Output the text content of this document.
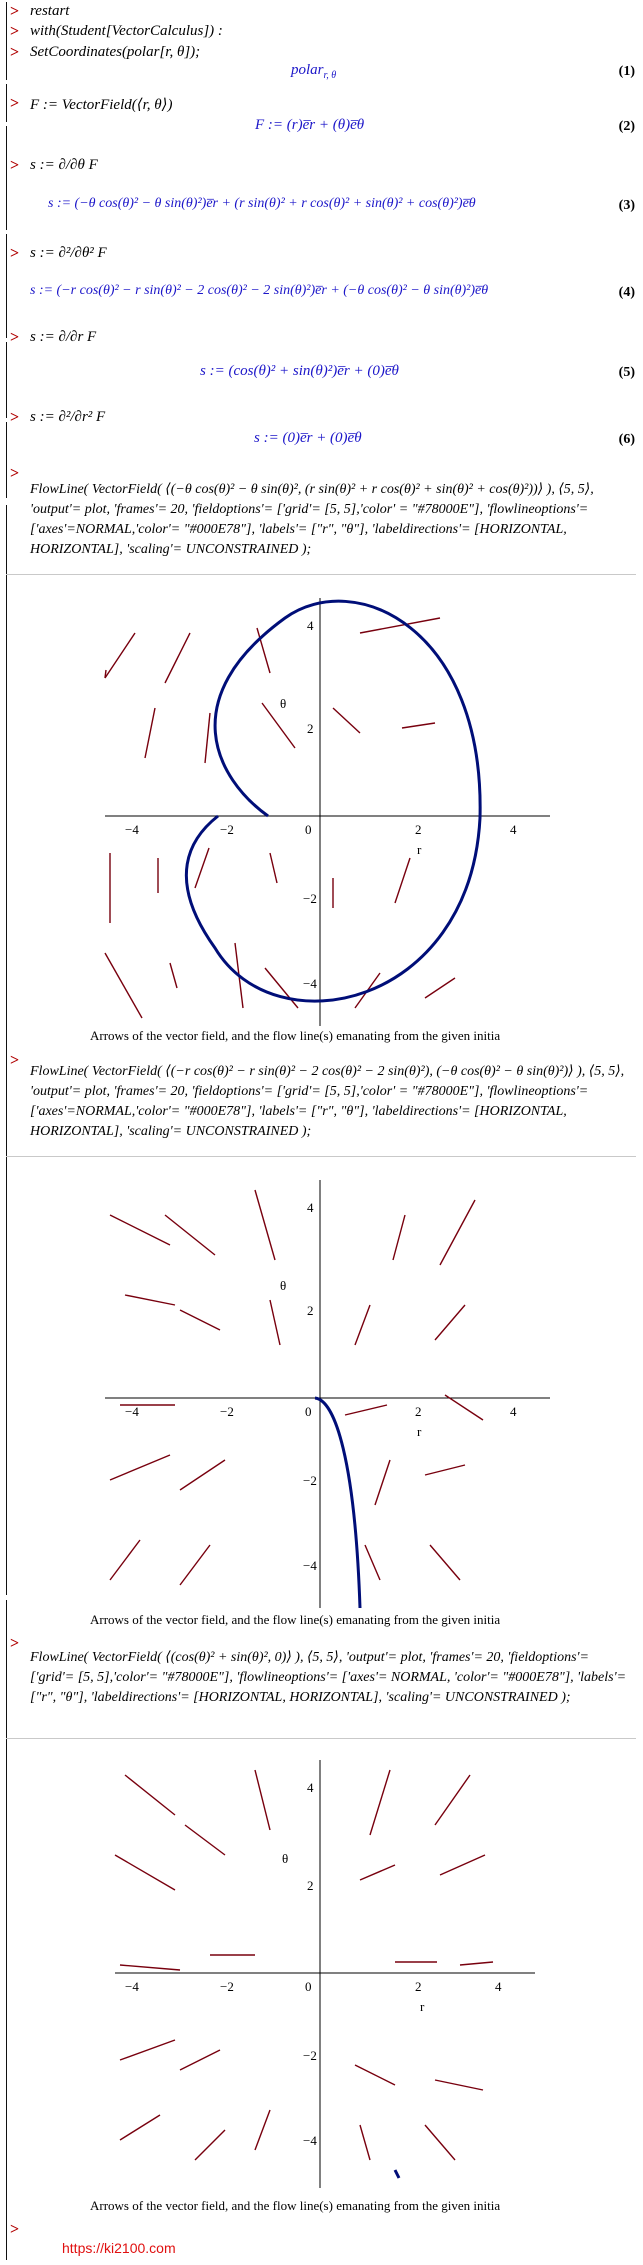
> restart
> with(Student[VectorCalculus]) :
> SetCoordinates(polar[r, θ]);
polar$_{r, \theta}$	(1)
> F := VectorField(⟨r, θ⟩)
F := (r)e̅r + (θ)e̅θ	(2)
> s := ∂/∂θ F
s := (−θ cos(θ)² − θ sin(θ)²)e̅r + (r sin(θ)² + r cos(θ)² + sin(θ)² + cos(θ)²)e̅θ	(3)
> s := ∂²/∂θ² F
s := (−r cos(θ)² − r sin(θ)² − 2 cos(θ)² − 2 sin(θ)²)e̅r + (−θ cos(θ)² − θ sin(θ)²)e̅θ	(4)
> s := ∂/∂r F
s := (cos(θ)² + sin(θ)²)e̅r + (0)e̅θ	(5)
> s := ∂²/∂r² F
s := (0)e̅r + (0)e̅θ	(6)
>
FlowLine( VectorField( ⟨(−θ cos(θ)² − θ sin(θ)², (r sin(θ)² + r cos(θ)² + sin(θ)² + cos(θ)²))⟩ ), ⟨5, 5⟩, 'output'= plot, 'frames'= 20, 'fieldoptions'= ['grid'= [5, 5],'color' = "#78000E"], 'flowlineoptions'= ['axes'=NORMAL,'color'= "#000E78"], 'labels'= ["r", "θ"], 'labeldirections'= [HORIZONTAL, HORIZONTAL], 'scaling'= UNCONSTRAINED );
−4	−2	0	2	4
r
4
2
−2
−4
θ
Arrows of the vector field, and the flow line(s) emanating from the given initia
>
FlowLine( VectorField( ⟨(−r cos(θ)² − r sin(θ)² − 2 cos(θ)² − 2 sin(θ)²), (−θ cos(θ)² − θ sin(θ)²)⟩ ), ⟨5, 5⟩, 'output'= plot, 'frames'= 20, 'fieldoptions'= ['grid'= [5, 5],'color' = "#78000E"], 'flowlineoptions'= ['axes'=NORMAL,'color'= "#000E78"], 'labels'= ["r", "θ"], 'labeldirections'= [HORIZONTAL, HORIZONTAL], 'scaling'= UNCONSTRAINED );
−4	−2	0	2	4
r
4
2
−2
−4
θ
Arrows of the vector field, and the flow line(s) emanating from the given initia
>
FlowLine( VectorField( ⟨(cos(θ)² + sin(θ)², 0)⟩ ), ⟨5, 5⟩, 'output'= plot, 'frames'= 20, 'fieldoptions'= ['grid'= [5, 5],'color'= "#78000E"], 'flowlineoptions'= ['axes'= NORMAL, 'color'= "#000E78"], 'labels'= ["r", "θ"], 'labeldirections'= [HORIZONTAL, HORIZONTAL], 'scaling'= UNCONSTRAINED );
−4	−2	0	2	4
r
4
2
−2
−4
θ
Arrows of the vector field, and the flow line(s) emanating from the given initia
>
https://ki2100.com
